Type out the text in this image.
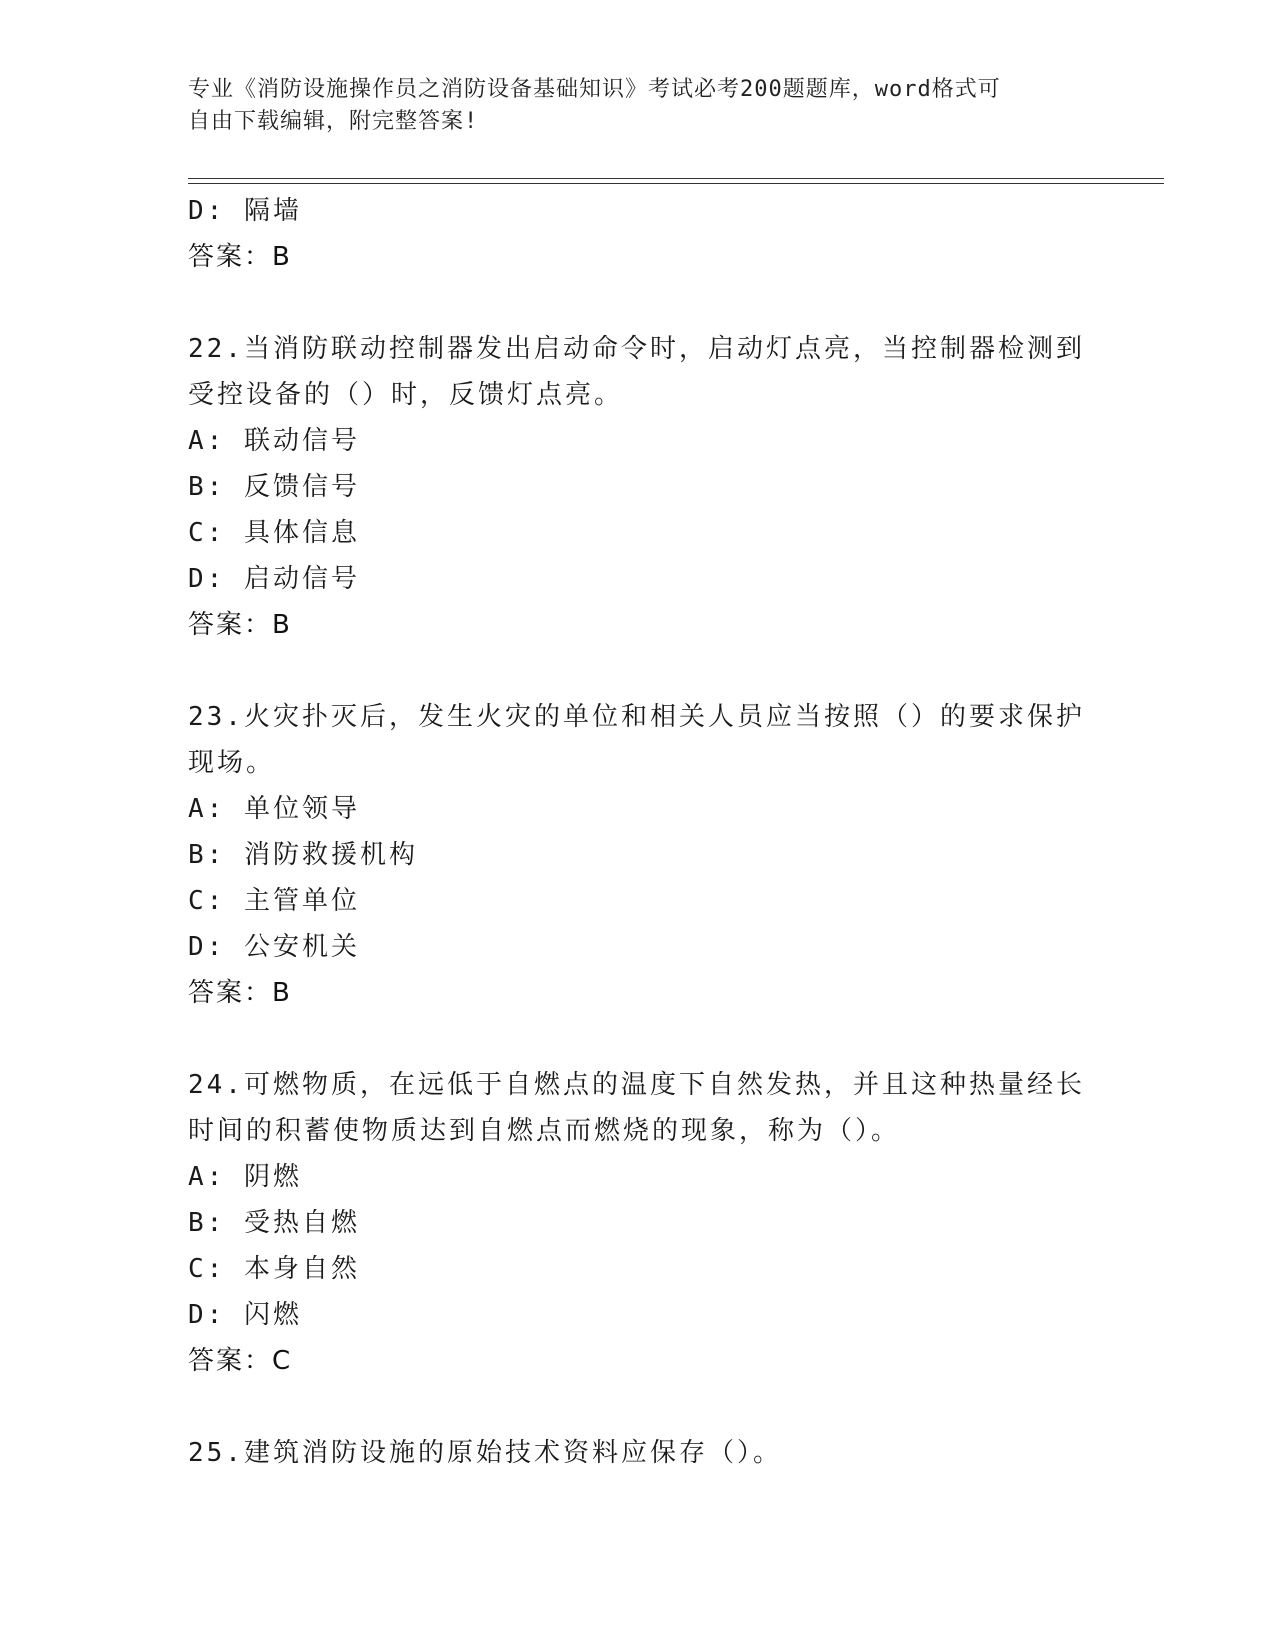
专业《消防设施操作员之消防设备基础知识》考试必考200题题库，word格式可
自由下载编辑，附完整答案!
D: 隔墙
答案：B
22.当消防联动控制器发出启动命令时，启动灯点亮，当控制器检测到
受控设备的（）时，反馈灯点亮。
A: 联动信号
B: 反馈信号
C: 具体信息
D: 启动信号
答案：B
23.火灾扑灭后，发生火灾的单位和相关人员应当按照（）的要求保护
现场。
A: 单位领导
B: 消防救援机构
C: 主管单位
D: 公安机关
答案：B
24.可燃物质，在远低于自燃点的温度下自然发热，并且这种热量经长
时间的积蓄使物质达到自燃点而燃烧的现象，称为（）。
A: 阴燃
B: 受热自燃
C: 本身自然
D: 闪燃
答案：C
25.建筑消防设施的原始技术资料应保存（）。
